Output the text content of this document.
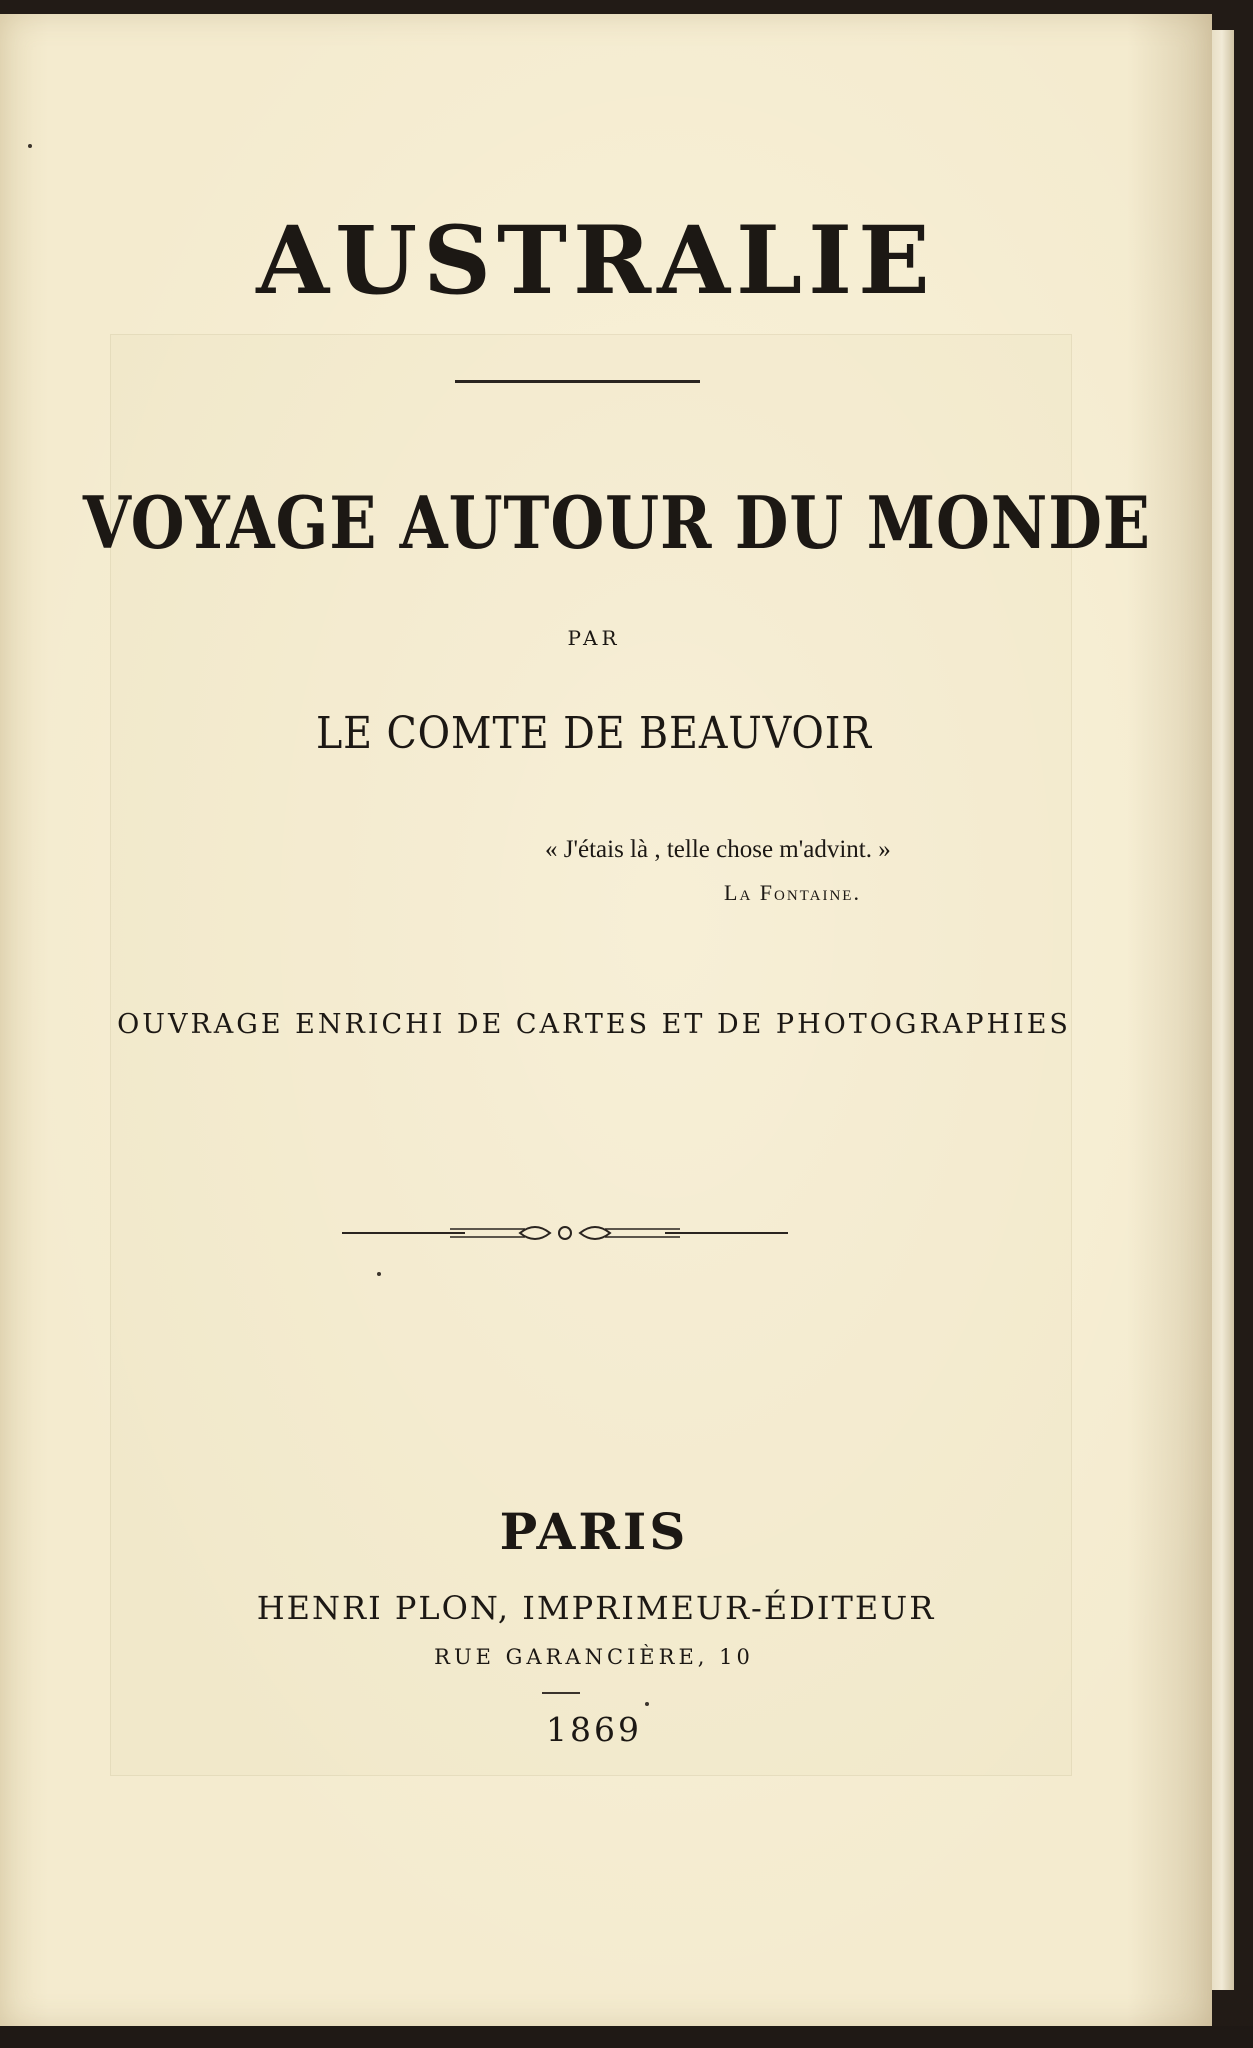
AUSTRALIE
VOYAGE AUTOUR DU MONDE
PAR
LE COMTE DE BEAUVOIR
« J'étais là , telle chose m'advint. »
La Fontaine.
OUVRAGE ENRICHI DE CARTES ET DE PHOTOGRAPHIES
PARIS
HENRI PLON, IMPRIMEUR-ÉDITEUR
RUE GARANCIÈRE, 10
1869
